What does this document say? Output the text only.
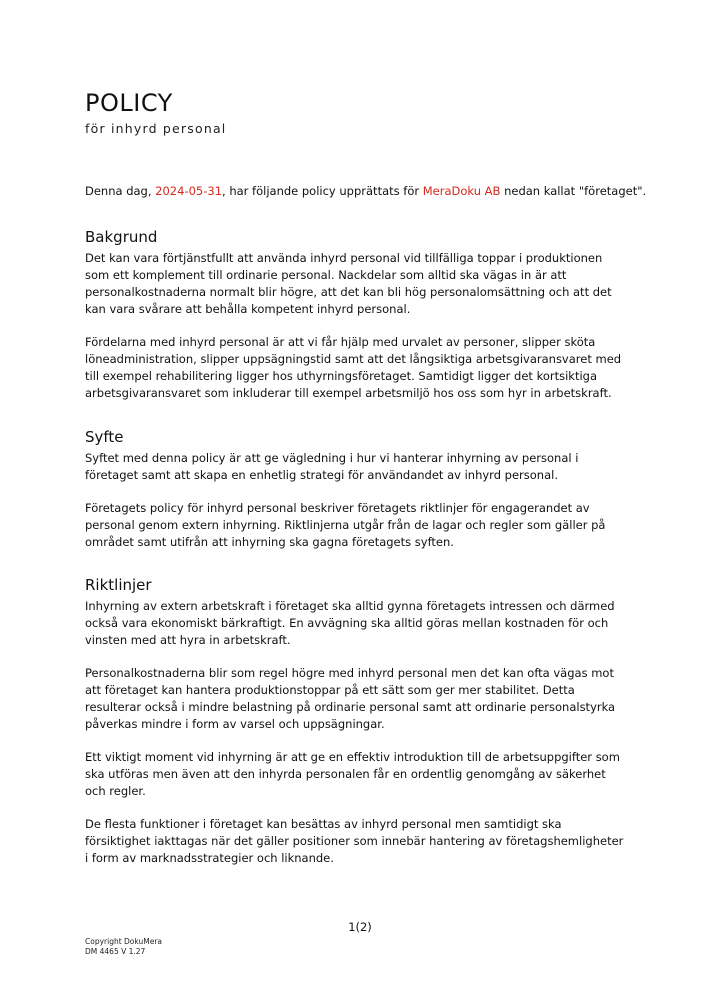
POLICY

för inhyrd personal

Denna dag, 2024-05-31, har följande policy upprättats för MeraDoku AB nedan kallat "företaget".

Bakgrund

Det kan vara förtjänstfullt att använda inhyrd personal vid tillfälliga toppar i produktionen som ett komplement till ordinarie personal. Nackdelar som alltid ska vägas in är att personalkostnaderna normalt blir högre, att det kan bli hög personalomsättning och att det kan vara svårare att behålla kompetent inhyrd personal.

Fördelarna med inhyrd personal är att vi får hjälp med urvalet av personer, slipper sköta löneadministration, slipper uppsägningstid samt att det långsiktiga arbetsgivaransvaret med till exempel rehabilitering ligger hos uthyrningsföretaget. Samtidigt ligger det kortsiktiga arbetsgivaransvaret som inkluderar till exempel arbetsmiljö hos oss som hyr in arbetskraft.

Syfte

Syftet med denna policy är att ge vägledning i hur vi hanterar inhyrning av personal i företaget samt att skapa en enhetlig strategi för användandet av inhyrd personal.

Företagets policy för inhyrd personal beskriver företagets riktlinjer för engagerandet av personal genom extern inhyrning. Riktlinjerna utgår från de lagar och regler som gäller på området samt utifrån att inhyrning ska gagna företagets syften.

Riktlinjer

Inhyrning av extern arbetskraft i företaget ska alltid gynna företagets intressen och därmed också vara ekonomiskt bärkraftigt. En avvägning ska alltid göras mellan kostnaden för och vinsten med att hyra in arbetskraft.

Personalkostnaderna blir som regel högre med inhyrd personal men det kan ofta vägas mot att företaget kan hantera produktionstoppar på ett sätt som ger mer stabilitet. Detta resulterar också i mindre belastning på ordinarie personal samt att ordinarie personalstyrka påverkas mindre i form av varsel och uppsägningar.

Ett viktigt moment vid inhyrning är att ge en effektiv introduktion till de arbetsuppgifter som ska utföras men även att den inhyrda personalen får en ordentlig genomgång av säkerhet och regler.

De flesta funktioner i företaget kan besättas av inhyrd personal men samtidigt ska försiktighet iakttagas när det gäller positioner som innebär hantering av företagshemligheter i form av marknadsstrategier och liknande.

1(2)

Copyright DokuMera
DM 4465 V 1.27
